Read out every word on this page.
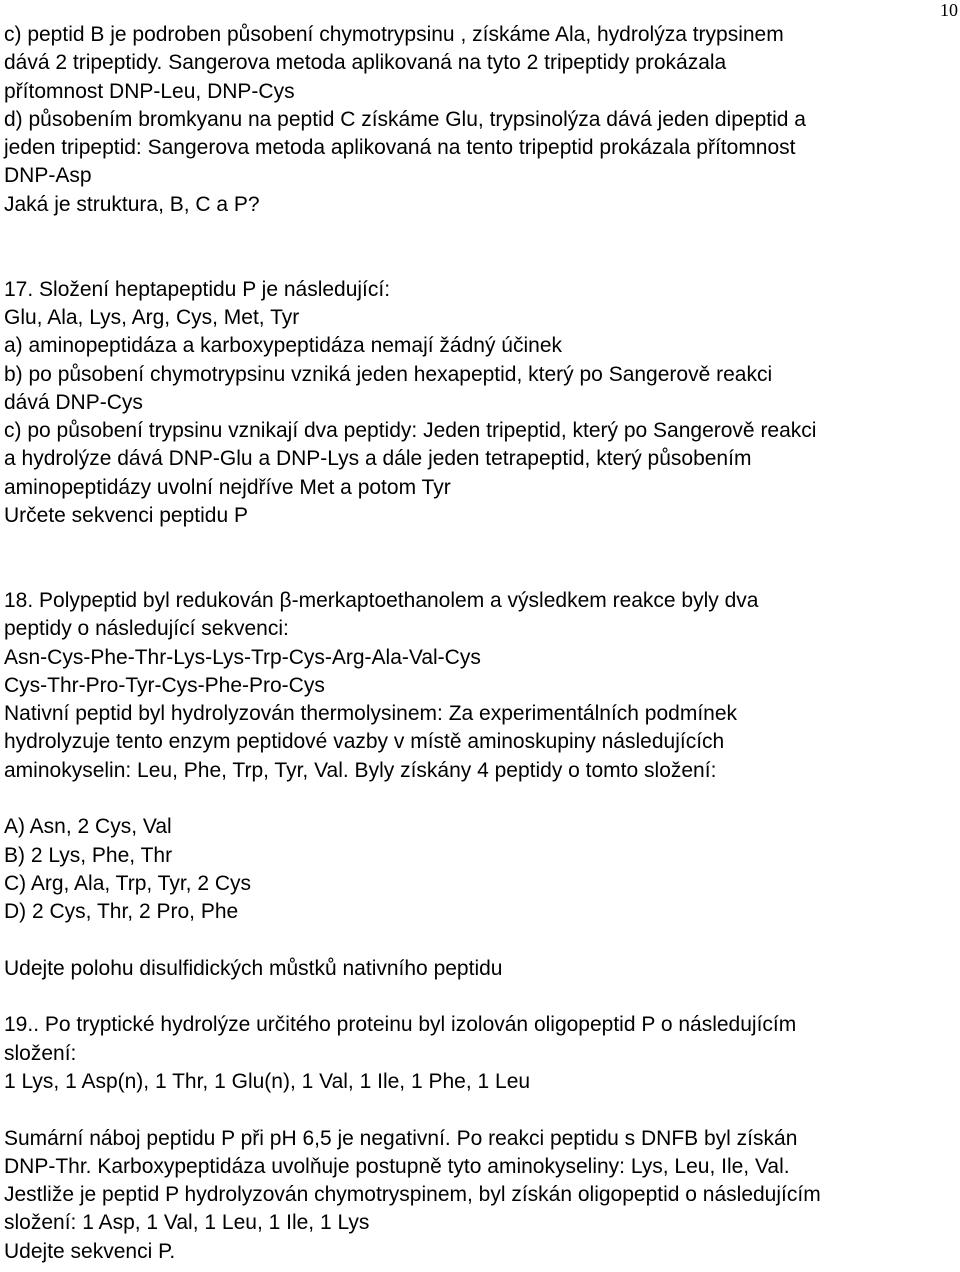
10
c) peptid B je podroben působení chymotrypsinu , získáme Ala, hydrolýza trypsinem
dává 2 tripeptidy. Sangerova metoda aplikovaná na tyto 2 tripeptidy prokázala
přítomnost DNP-Leu, DNP-Cys
d) působením bromkyanu na peptid C získáme Glu, trypsinolýza dává jeden dipeptid a
jeden tripeptid: Sangerova metoda aplikovaná na tento tripeptid prokázala přítomnost
DNP-Asp
Jaká je struktura, B, C a P?
17. Složení heptapeptidu P je následující:
Glu, Ala, Lys, Arg, Cys, Met, Tyr
a) aminopeptidáza a karboxypeptidáza nemají žádný účinek
b) po působení chymotrypsinu vzniká jeden hexapeptid, který po Sangerově reakci
dává DNP-Cys
c) po působení trypsinu vznikají dva peptidy: Jeden tripeptid, který po Sangerově reakci
a hydrolýze dává DNP-Glu a DNP-Lys a dále jeden tetrapeptid, který působením
aminopeptidázy uvolní nejdříve Met a potom Tyr
Určete sekvenci peptidu P
18. Polypeptid byl redukován β-merkaptoethanolem a výsledkem reakce byly dva
peptidy o následující sekvenci:
Asn-Cys-Phe-Thr-Lys-Lys-Trp-Cys-Arg-Ala-Val-Cys
Cys-Thr-Pro-Tyr-Cys-Phe-Pro-Cys
Nativní peptid byl hydrolyzován thermolysinem: Za experimentálních podmínek
hydrolyzuje tento enzym peptidové vazby v místě aminoskupiny následujících
aminokyselin: Leu, Phe, Trp, Tyr, Val. Byly získány 4 peptidy o tomto složení:
A) Asn, 2 Cys, Val
B) 2 Lys, Phe, Thr
C) Arg, Ala, Trp, Tyr, 2 Cys
D) 2 Cys, Thr, 2 Pro, Phe
Udejte polohu disulfidických můstků nativního peptidu
19.. Po tryptické hydrolýze určitého proteinu byl izolován oligopeptid P o následujícím
složení:
1 Lys, 1 Asp(n), 1 Thr, 1 Glu(n), 1 Val, 1 Ile, 1 Phe, 1 Leu
Sumární náboj peptidu P při pH 6,5 je negativní. Po reakci peptidu s DNFB byl získán
DNP-Thr. Karboxypeptidáza uvolňuje postupně tyto aminokyseliny: Lys, Leu, Ile, Val.
Jestliže je peptid P hydrolyzován chymotryspinem, byl získán oligopeptid o následujícím
složení: 1 Asp, 1 Val, 1 Leu, 1 Ile, 1 Lys
Udejte sekvenci P.
